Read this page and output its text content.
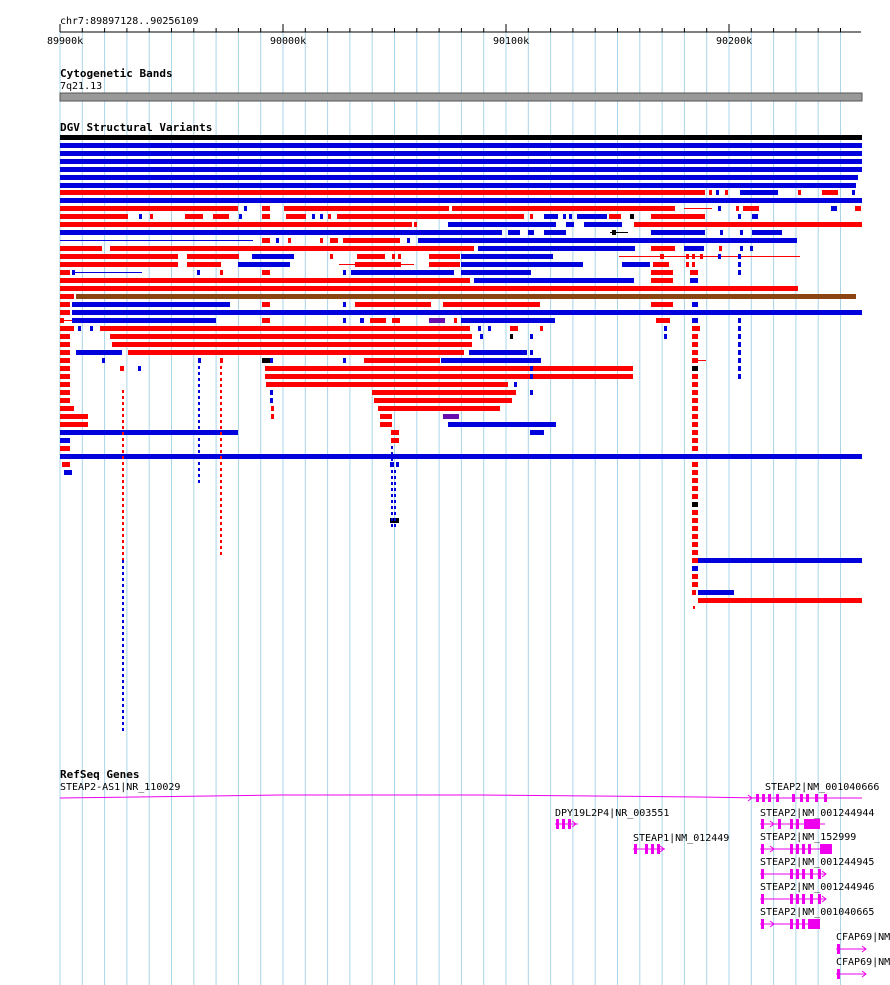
chr7:89897128..90256109
89900k	90000k	90100k	90200k
Cytogenetic Bands
7q21.13
DGV Structural Variants
RefSeq Genes
STEAP2-AS1|NR_110029	STEAP2|NM_001040666
DPY19L2P4|NR_003551	STEAP2|NM_001244944
STEAP1|NM_012449	STEAP2|NM_152999
STEAP2|NM_001244945
STEAP2|NM_001244946
STEAP2|NM_001040665
CFAP69|NM
CFAP69|NM
